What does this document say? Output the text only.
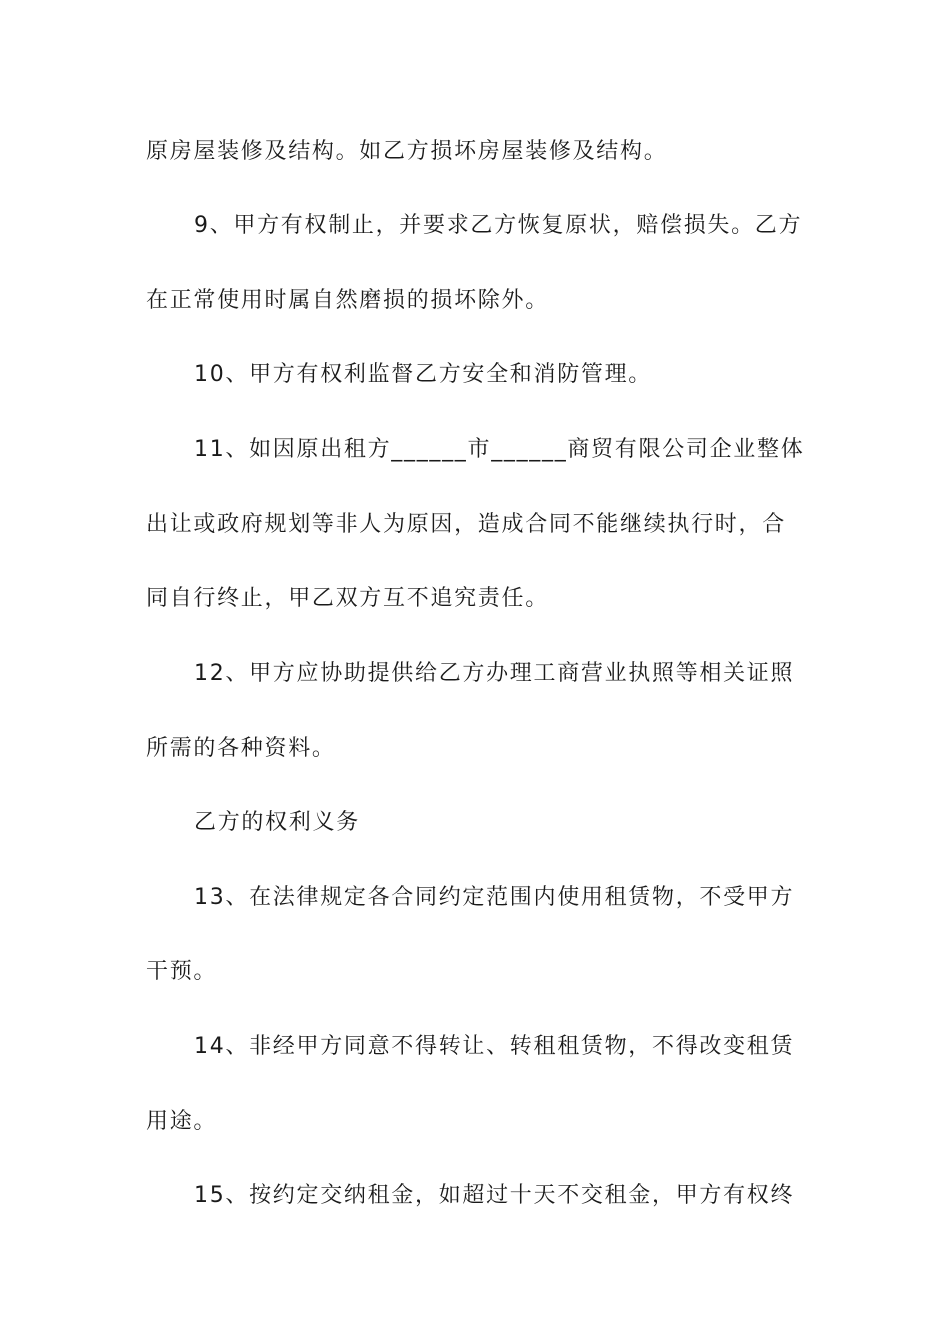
原房屋装修及结构。如乙方损坏房屋装修及结构。
9、甲方有权制止，并要求乙方恢复原状，赔偿损失。乙方
在正常使用时属自然磨损的损坏除外。
10、甲方有权利监督乙方安全和消防管理。
11、如因原出租方______市______商贸有限公司企业整体
出让或政府规划等非人为原因，造成合同不能继续执行时，合
同自行终止，甲乙双方互不追究责任。
12、甲方应协助提供给乙方办理工商营业执照等相关证照
所需的各种资料。
乙方的权利义务
13、在法律规定各合同约定范围内使用租赁物，不受甲方
干预。
14、非经甲方同意不得转让、转租租赁物，不得改变租赁
用途。
15、按约定交纳租金，如超过十天不交租金，甲方有权终
